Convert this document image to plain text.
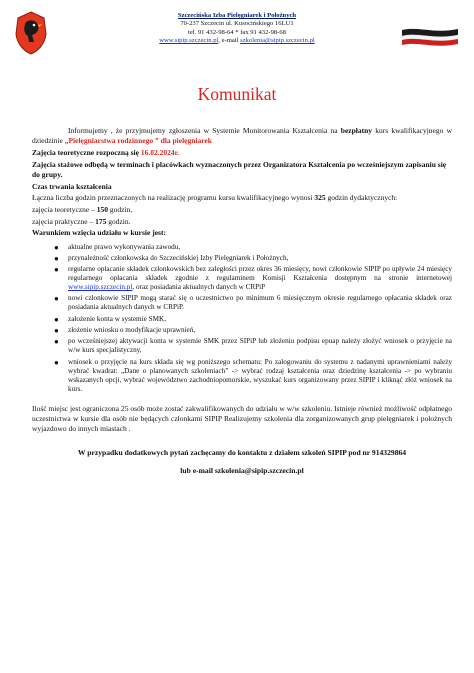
Szczecińska Izba Pielęgniarek i Położnych
70-237 Szczecin ul. Kusocińskiego 16LU1
tel. 91 432-98-64 * fax 91 432-98-68
www.sipip.szczecin.pl, e-mail szkolenia@sipip.szczecin.pl
Komunikat

Informujemy , że przyjmujemy zgłoszenia w Systemie Monitorowania Kształcenia na bezpłatny kurs kwalifikacyjnego w dziedzinie „Pielęgniarstwa rodzinnego ” dla pielęgniarek

Zajęcia teoretyczne rozpoczną się 16.02.2024r.

Zajęcia stażowe odbędą w terminach i placówkach wyznaczonych przez Organizatora Kształcenia po wcześniejszym zapisaniu się do grupy.

Czas trwania kształcenia

Łączna liczba godzin przeznaczonych na realizację programu kursu kwalifikacyjnego wynosi 325 godzin dydaktycznych:

zajęcia teoretyczne – 150 godzin,

zajęcia praktyczne – 175 godzin.

Warunkiem wzięcia udziału w kursie jest:

● aktualne prawo wykonywania zawodu,
● przynależność członkowska do Szczecińskiej Izby Pielęgniarek i Położnych,
● regularne opłacanie składek członkowskich bez zaległości przez okres 36 miesięcy, nowi członkowie SIPIP po upływie 24 miesięcy regularnego opłacania składek zgodnie z regulaminem Komisji Kształcenia dostępnym na stronie internetowej www.sipip.szczecin.pl, oraz posiadania aktualnych danych w CRPiP
● nowi członkowie SIPIP mogą starać się o uczestnictwo po minimum 6 miesięcznym okresie regularnego opłacania składek oraz posiadania aktualnych danych w CRPiP.
● założenie konta w systemie SMK,
● złożenie wniosku o modyfikacje uprawnień,
● po wcześniejszej aktywacji konta w systemie SMK przez SIPiP lub złożeniu podpisu epuap należy złożyć wniosek o przyjęcie na w/w kurs specjalistyczny,
● wniosek o przyjęcie na kurs składa się wg poniższego schematu: Po zalogowaniu do systemu z nadanymi uprawnieniami należy wybrać kwadrat: „Dane o planowanych szkoleniach” -> wybrać rodzaj kształcenia oraz dziedzinę kształcenia -> po wybraniu wskazanych opcji, wybrać województwo zachodniopomorskie, wyszukać kurs organizowany przez SIPIP i kliknąć złóż wniosek na kurs.

Ilość miejsc jest ograniczona 25 osób może zostać zakwalifikowanych do udziału w w/w szkoleniu. Istnieje również możliwość odpłatnego uczestnictwa w kursie dla osób nie będących członkami SIPIP Realizujemy szkolenia dla zorganizowanych grup pielęgniarek i położnych wyjazdowo do innych miastach .

W przypadku dodatkowych pytań zachęcamy do kontaktu z działem szkoleń SIPIP pod nr 914329864

lub e-mail szkolenia@sipip.szczecin.pl
